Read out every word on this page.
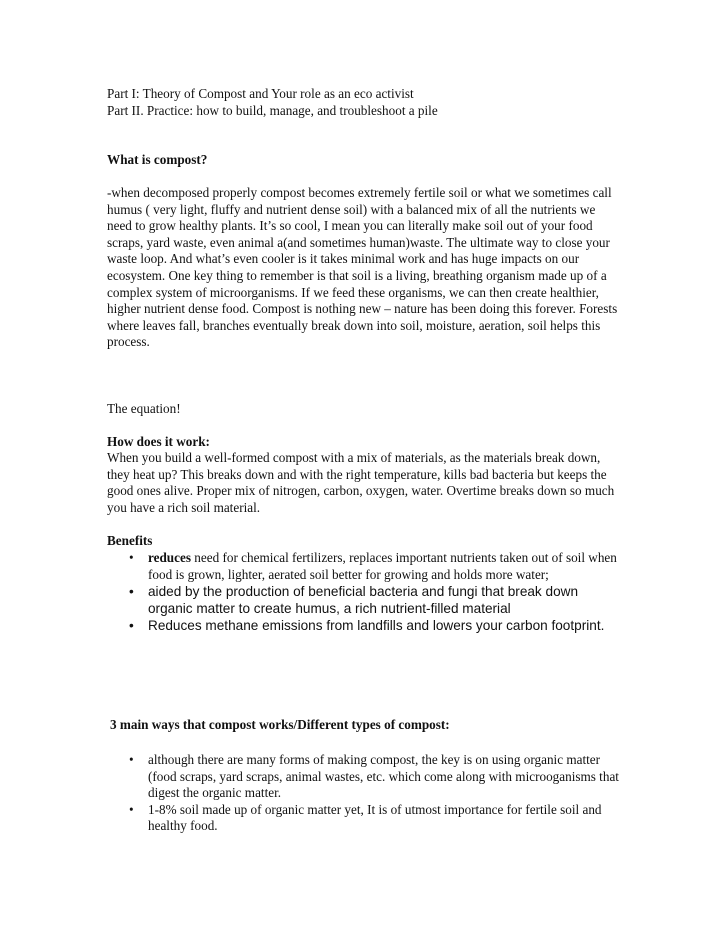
Part I: Theory of Compost and Your role as an eco activist

Part II. Practice: how to build, manage, and troubleshoot a pile

What is compost?
-when decomposed properly compost becomes extremely fertile soil or what we sometimes call humus ( very light, fluffy and nutrient dense soil) with a balanced mix of all the nutrients we need to grow healthy plants. It’s so cool, I mean you can literally make soil out of your food scraps, yard waste, even animal a(and sometimes human)waste. The ultimate way to close your waste loop. And what’s even cooler is it takes minimal work and has huge impacts on our ecosystem. One key thing to remember is that soil is a living, breathing organism made up of a complex system of microorganisms. If we feed these organisms, we can then create healthier, higher nutrient dense food. Compost is nothing new – nature has been doing this forever. Forests where leaves fall, branches eventually break down into soil, moisture, aeration, soil helps this process.
The equation!
How does it work:
When you build a well-formed compost with a mix of materials, as the materials break down, they heat up? This breaks down and with the right temperature, kills bad bacteria but keeps the good ones alive. Proper mix of nitrogen, carbon, oxygen, water. Overtime breaks down so much you have a rich soil material.
Benefits
• reduces need for chemical fertilizers, replaces important nutrients taken out of soil when food is grown, lighter, aerated soil better for growing and holds more water;
• aided by the production of beneficial bacteria and fungi that break down organic matter to create humus, a rich nutrient-filled material
• Reduces methane emissions from landfills and lowers your carbon footprint.
3 main ways that compost works/Different types of compost:
• although there are many forms of making compost, the key is on using organic matter (food scraps, yard scraps, animal wastes, etc. which come along with microoganisms that digest the organic matter.
• 1-8% soil made up of organic matter yet, It is of utmost importance for fertile soil and healthy food.
